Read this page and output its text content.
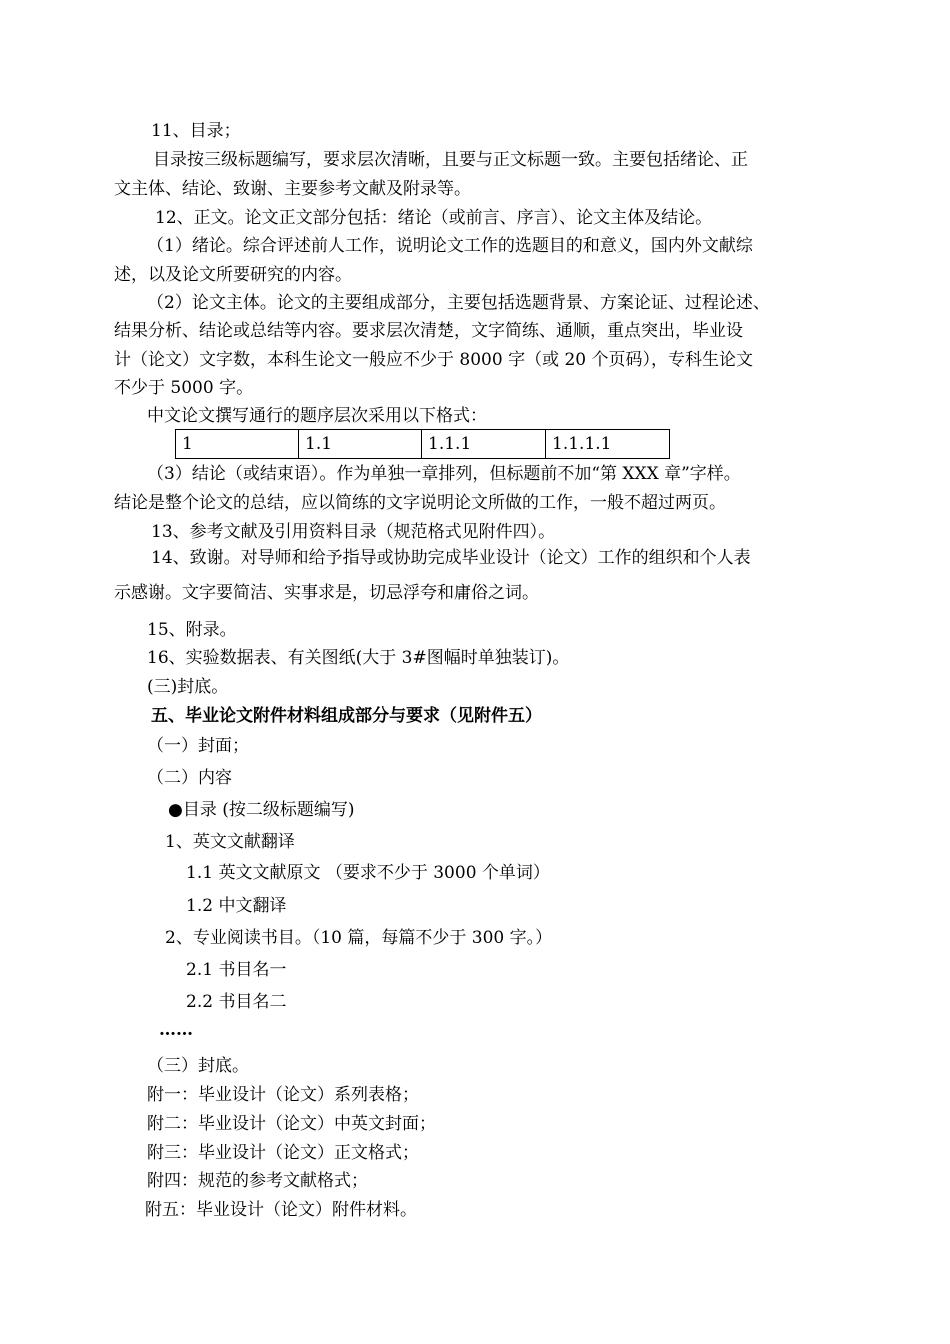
11、目录；
目录按三级标题编写，要求层次清晰，且要与正文标题一致。主要包括绪论、正
文主体、结论、致谢、主要参考文献及附录等。
12、正文。论文正文部分包括：绪论（或前言、序言）、论文主体及结论。
（1）绪论。综合评述前人工作，说明论文工作的选题目的和意义，国内外文献综
述，以及论文所要研究的内容。
（2）论文主体。论文的主要组成部分，主要包括选题背景、方案论证、过程论述、
结果分析、结论或总结等内容。要求层次清楚，文字简练、通顺，重点突出，毕业设
计（论文）文字数，本科生论文一般应不少于 8000 字（或 20 个页码），专科生论文
不少于 5000 字。
中文论文撰写通行的题序层次采用以下格式：
1	1.1	1.1.1	1.1.1.1
（3）结论（或结束语）。作为单独一章排列，但标题前不加“第 XXX 章”字样。
结论是整个论文的总结，应以简练的文字说明论文所做的工作，一般不超过两页。
13、参考文献及引用资料目录（规范格式见附件四）。
14、致谢。对导师和给予指导或协助完成毕业设计（论文）工作的组织和个人表
示感谢。文字要简洁、实事求是，切忌浮夸和庸俗之词。
15、附录。
16、实验数据表、有关图纸(大于 3#图幅时单独装订)。
(三)封底。
五、毕业论文附件材料组成部分与要求（见附件五）
（一）封面；
（二）内容
●目录 (按二级标题编写)
1、英文文献翻译
1.1 英文文献原文 （要求不少于 3000 个单词）
1.2 中文翻译
2、专业阅读书目。（10 篇，每篇不少于 300 字。）
2.1 书目名一
2.2 书目名二
……
（三）封底。
附一：毕业设计（论文）系列表格；
附二：毕业设计（论文）中英文封面；
附三：毕业设计（论文）正文格式；
附四：规范的参考文献格式；
附五：毕业设计（论文）附件材料。
